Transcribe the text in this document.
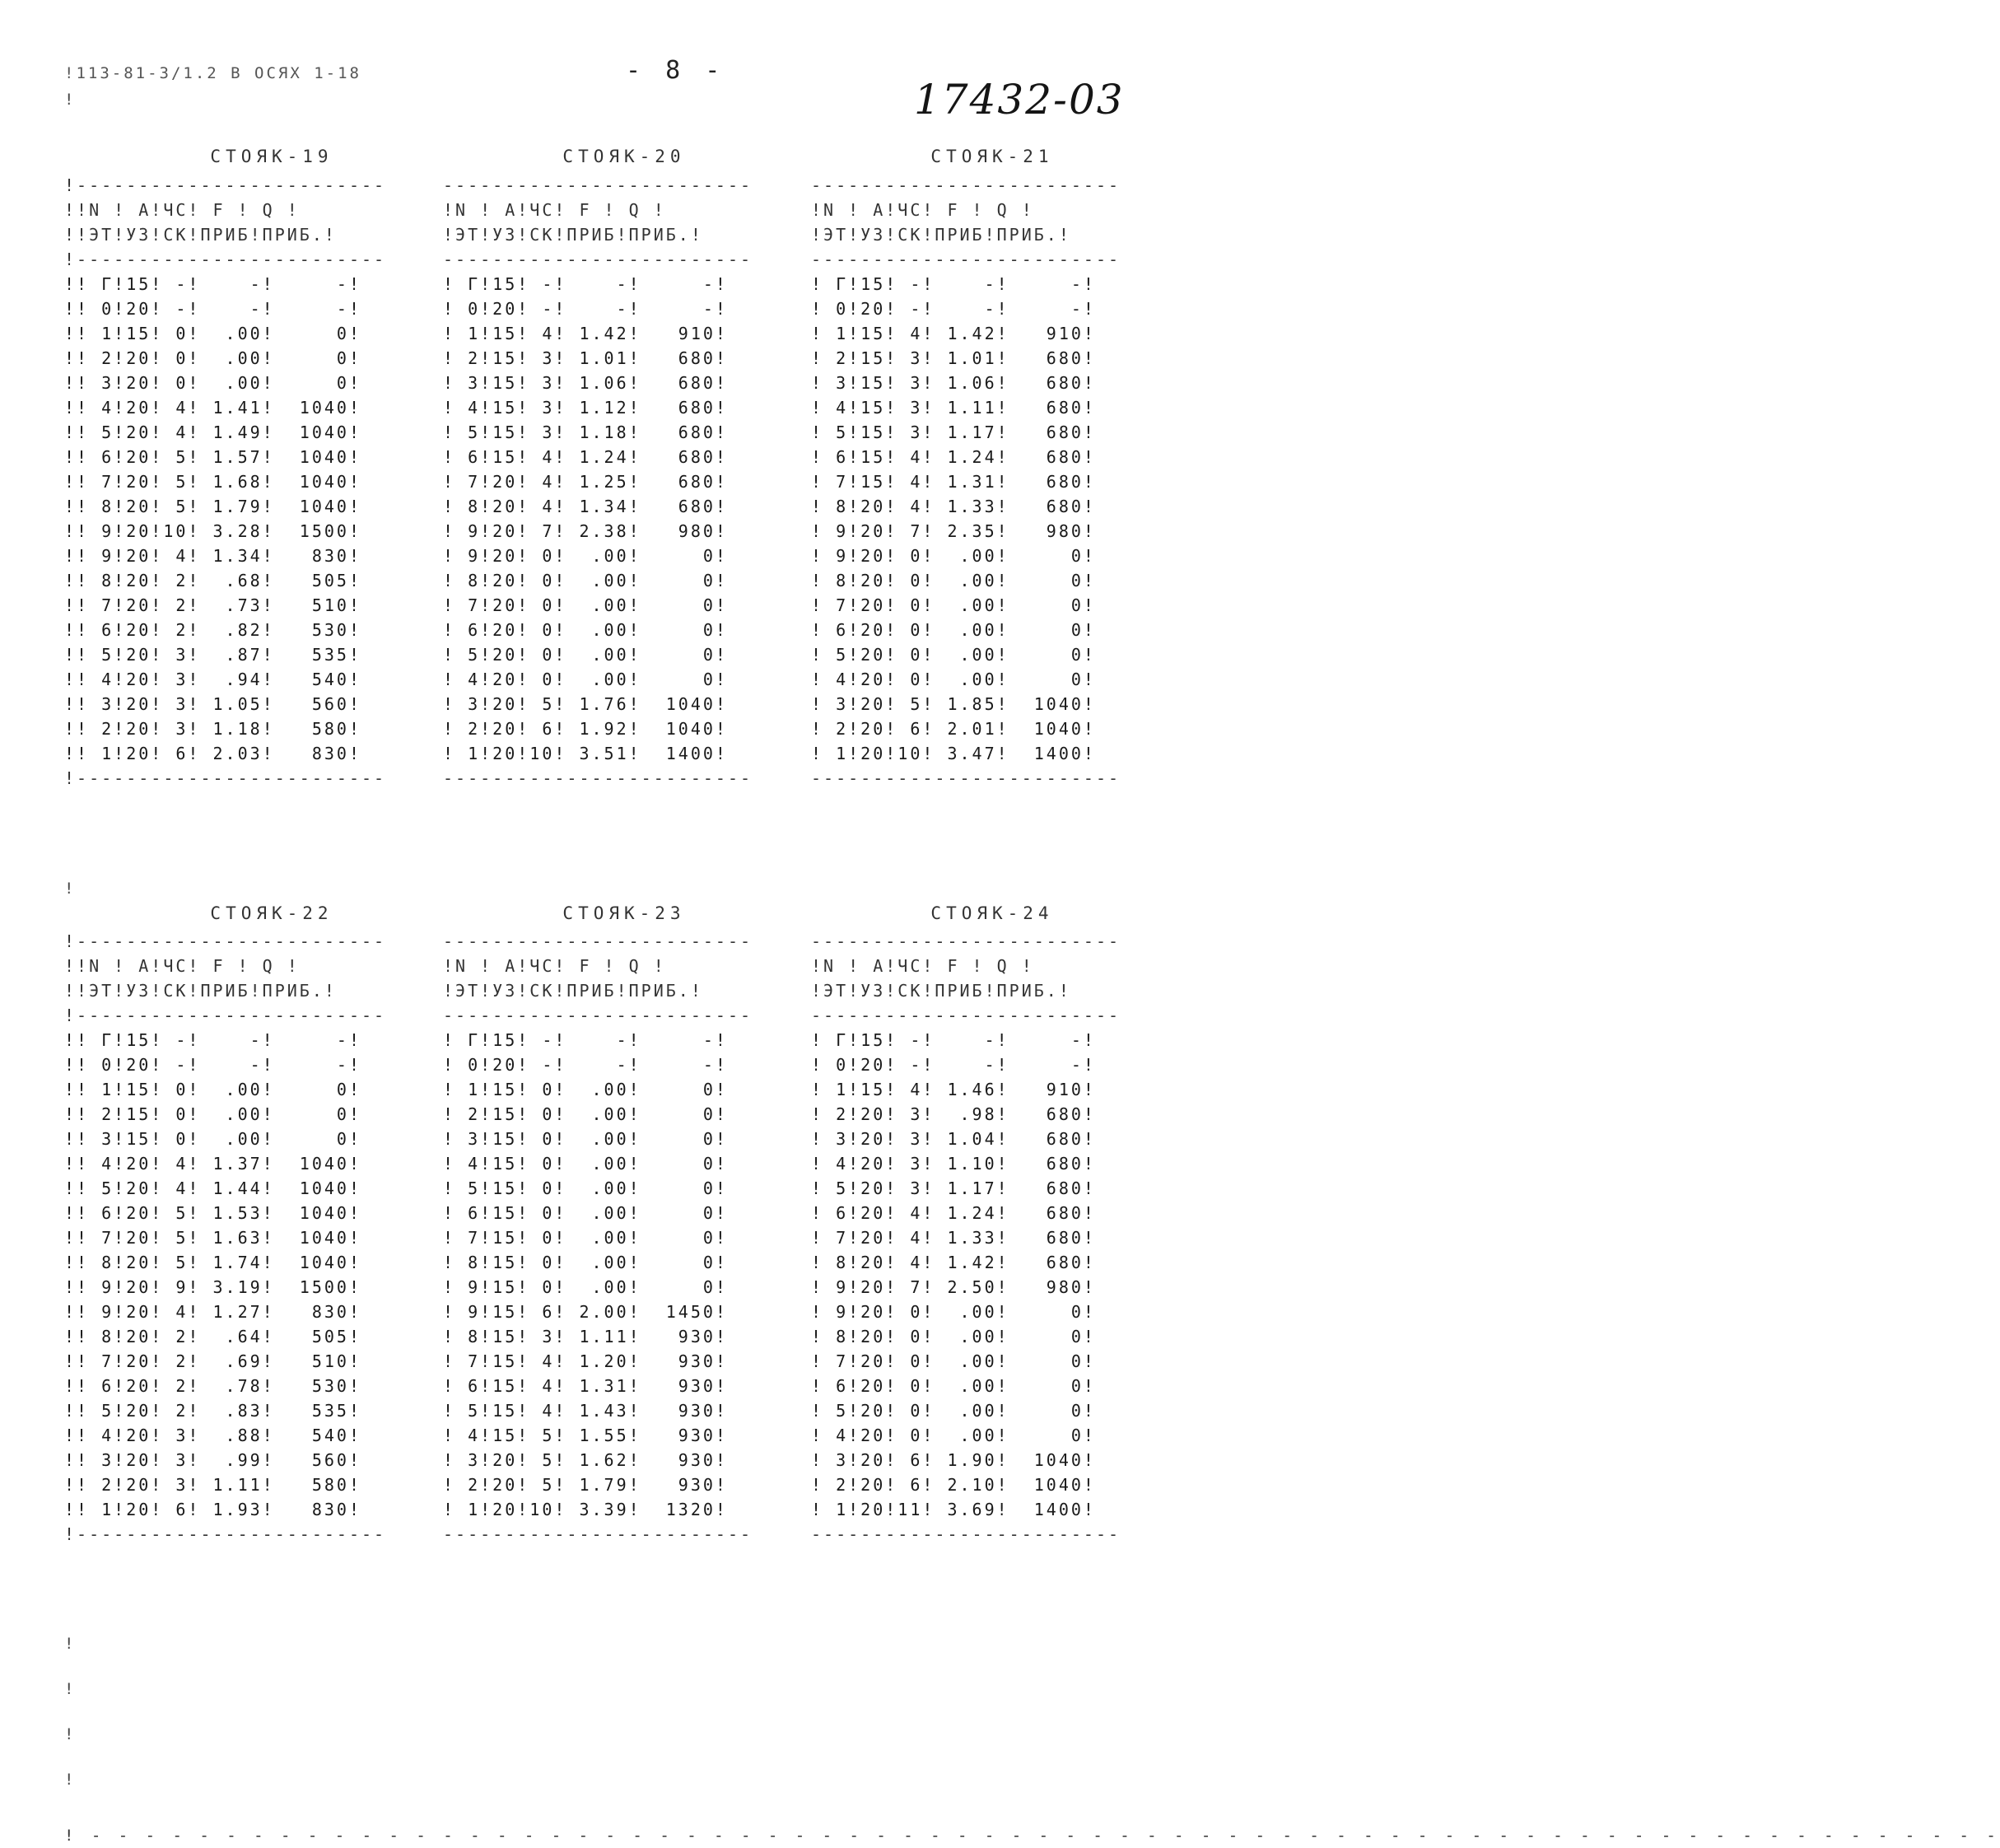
!113-81-3/1.2 В ОСЯХ 1-18	- 8 -
17432-03
!
!
!
!
!
!
СТОЯК-19	СТОЯК-20	СТОЯК-21
СТОЯК-22	СТОЯК-23	СТОЯК-24
!-------------------------
!!N ! А!ЧС! F ! Q !
!!ЭТ!УЗ!СК!ПРИБ!ПРИБ.!
!-------------------------
!! Г!15! -!    -!     -!
!! 0!20! -!    -!     -!
!! 1!15! 0!  .00!     0!
!! 2!20! 0!  .00!     0!
!! 3!20! 0!  .00!     0!
!! 4!20! 4! 1.41!  1040!
!! 5!20! 4! 1.49!  1040!
!! 6!20! 5! 1.57!  1040!
!! 7!20! 5! 1.68!  1040!
!! 8!20! 5! 1.79!  1040!
!! 9!20!10! 3.28!  1500!
!! 9!20! 4! 1.34!   830!
!! 8!20! 2!  .68!   505!
!! 7!20! 2!  .73!   510!
!! 6!20! 2!  .82!   530!
!! 5!20! 3!  .87!   535!
!! 4!20! 3!  .94!   540!
!! 3!20! 3! 1.05!   560!
!! 2!20! 3! 1.18!   580!
!! 1!20! 6! 2.03!   830!
!-------------------------
-------------------------
!N ! А!ЧС! F ! Q !
!ЭТ!УЗ!СК!ПРИБ!ПРИБ.!
-------------------------
! Г!15! -!    -!     -!
! 0!20! -!    -!     -!
! 1!15! 4! 1.42!   910!
! 2!15! 3! 1.01!   680!
! 3!15! 3! 1.06!   680!
! 4!15! 3! 1.12!   680!
! 5!15! 3! 1.18!   680!
! 6!15! 4! 1.24!   680!
! 7!20! 4! 1.25!   680!
! 8!20! 4! 1.34!   680!
! 9!20! 7! 2.38!   980!
! 9!20! 0!  .00!     0!
! 8!20! 0!  .00!     0!
! 7!20! 0!  .00!     0!
! 6!20! 0!  .00!     0!
! 5!20! 0!  .00!     0!
! 4!20! 0!  .00!     0!
! 3!20! 5! 1.76!  1040!
! 2!20! 6! 1.92!  1040!
! 1!20!10! 3.51!  1400!
-------------------------
-------------------------
!N ! А!ЧС! F ! Q !
!ЭТ!УЗ!СК!ПРИБ!ПРИБ.!
-------------------------
! Г!15! -!    -!     -!
! 0!20! -!    -!     -!
! 1!15! 4! 1.42!   910!
! 2!15! 3! 1.01!   680!
! 3!15! 3! 1.06!   680!
! 4!15! 3! 1.11!   680!
! 5!15! 3! 1.17!   680!
! 6!15! 4! 1.24!   680!
! 7!15! 4! 1.31!   680!
! 8!20! 4! 1.33!   680!
! 9!20! 7! 2.35!   980!
! 9!20! 0!  .00!     0!
! 8!20! 0!  .00!     0!
! 7!20! 0!  .00!     0!
! 6!20! 0!  .00!     0!
! 5!20! 0!  .00!     0!
! 4!20! 0!  .00!     0!
! 3!20! 5! 1.85!  1040!
! 2!20! 6! 2.01!  1040!
! 1!20!10! 3.47!  1400!
-------------------------
!-------------------------
!!N ! А!ЧС! F ! Q !
!!ЭТ!УЗ!СК!ПРИБ!ПРИБ.!
!-------------------------
!! Г!15! -!    -!     -!
!! 0!20! -!    -!     -!
!! 1!15! 0!  .00!     0!
!! 2!15! 0!  .00!     0!
!! 3!15! 0!  .00!     0!
!! 4!20! 4! 1.37!  1040!
!! 5!20! 4! 1.44!  1040!
!! 6!20! 5! 1.53!  1040!
!! 7!20! 5! 1.63!  1040!
!! 8!20! 5! 1.74!  1040!
!! 9!20! 9! 3.19!  1500!
!! 9!20! 4! 1.27!   830!
!! 8!20! 2!  .64!   505!
!! 7!20! 2!  .69!   510!
!! 6!20! 2!  .78!   530!
!! 5!20! 2!  .83!   535!
!! 4!20! 3!  .88!   540!
!! 3!20! 3!  .99!   560!
!! 2!20! 3! 1.11!   580!
!! 1!20! 6! 1.93!   830!
!-------------------------
-------------------------
!N ! А!ЧС! F ! Q !
!ЭТ!УЗ!СК!ПРИБ!ПРИБ.!
-------------------------
! Г!15! -!    -!     -!
! 0!20! -!    -!     -!
! 1!15! 0!  .00!     0!
! 2!15! 0!  .00!     0!
! 3!15! 0!  .00!     0!
! 4!15! 0!  .00!     0!
! 5!15! 0!  .00!     0!
! 6!15! 0!  .00!     0!
! 7!15! 0!  .00!     0!
! 8!15! 0!  .00!     0!
! 9!15! 0!  .00!     0!
! 9!15! 6! 2.00!  1450!
! 8!15! 3! 1.11!   930!
! 7!15! 4! 1.20!   930!
! 6!15! 4! 1.31!   930!
! 5!15! 4! 1.43!   930!
! 4!15! 5! 1.55!   930!
! 3!20! 5! 1.62!   930!
! 2!20! 5! 1.79!   930!
! 1!20!10! 3.39!  1320!
-------------------------
-------------------------
!N ! А!ЧС! F ! Q !
!ЭТ!УЗ!СК!ПРИБ!ПРИБ.!
-------------------------
! Г!15! -!    -!     -!
! 0!20! -!    -!     -!
! 1!15! 4! 1.46!   910!
! 2!20! 3!  .98!   680!
! 3!20! 3! 1.04!   680!
! 4!20! 3! 1.10!   680!
! 5!20! 3! 1.17!   680!
! 6!20! 4! 1.24!   680!
! 7!20! 4! 1.33!   680!
! 8!20! 4! 1.42!   680!
! 9!20! 7! 2.50!   980!
! 9!20! 0!  .00!     0!
! 8!20! 0!  .00!     0!
! 7!20! 0!  .00!     0!
! 6!20! 0!  .00!     0!
! 5!20! 0!  .00!     0!
! 4!20! 0!  .00!     0!
! 3!20! 6! 1.90!  1040!
! 2!20! 6! 2.10!  1040!
! 1!20!11! 3.69!  1400!
-------------------------
! - - - - - - - - - - - - - - - - - - - - - - - - - - - - - - - - - - - - - - - - - - - - - - - - - - - - - - - - - - - - - - - - - - - - - - -
